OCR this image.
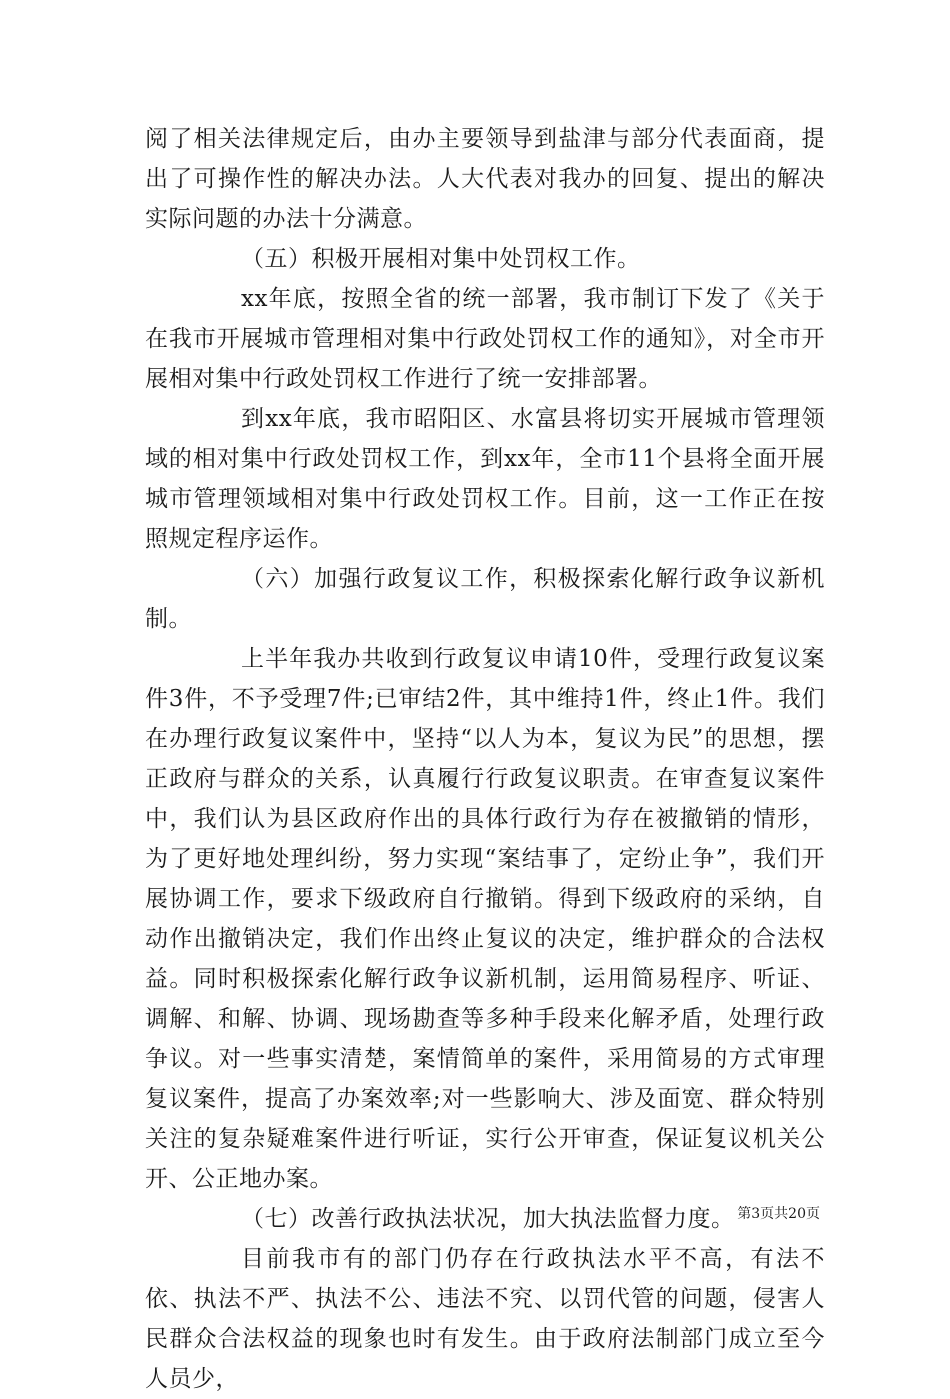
阅了相关法律规定后，由办主要领导到盐津与部分代表面商，提出了可操作性的解决办法。人大代表对我办的回复、提出的解决实际问题的办法十分满意。

（五）积极开展相对集中处罚权工作。

xx年底，按照全省的统一部署，我市制订下发了《关于在我市开展城市管理相对集中行政处罚权工作的通知》，对全市开展相对集中行政处罚权工作进行了统一安排部署。

到xx年底，我市昭阳区、水富县将切实开展城市管理领域的相对集中行政处罚权工作，到xx年，全市11个县将全面开展城市管理领域相对集中行政处罚权工作。目前，这一工作正在按照规定程序运作。

（六）加强行政复议工作，积极探索化解行政争议新机制。

上半年我办共收到行政复议申请10件，受理行政复议案件3件，不予受理7件;已审结2件，其中维持1件，终止1件。我们在办理行政复议案件中，坚持“以人为本，复议为民”的思想，摆正政府与群众的关系，认真履行行政复议职责。在审查复议案件中，我们认为县区政府作出的具体行政行为存在被撤销的情形，为了更好地处理纠纷，努力实现“案结事了，定纷止争”，我们开展协调工作，要求下级政府自行撤销。得到下级政府的采纳，自动作出撤销决定，我们作出终止复议的决定，维护群众的合法权益。同时积极探索化解行政争议新机制，运用简易程序、听证、调解、和解、协调、现场勘查等多种手段来化解矛盾，处理行政争议。对一些事实清楚，案情简单的案件，采用简易的方式审理复议案件，提高了办案效率;对一些影响大、涉及面宽、群众特别关注的复杂疑难案件进行听证，实行公开审查，保证复议机关公开、公正地办案。

（七）改善行政执法状况，加大执法监督力度。

目前我市有的部门仍存在行政执法水平不高，有法不依、执法不严、执法不公、违法不究、以罚代管的问题，侵害人民群众合法权益的现象也时有发生。由于政府法制部门成立至今人员少，

第3页共20页
